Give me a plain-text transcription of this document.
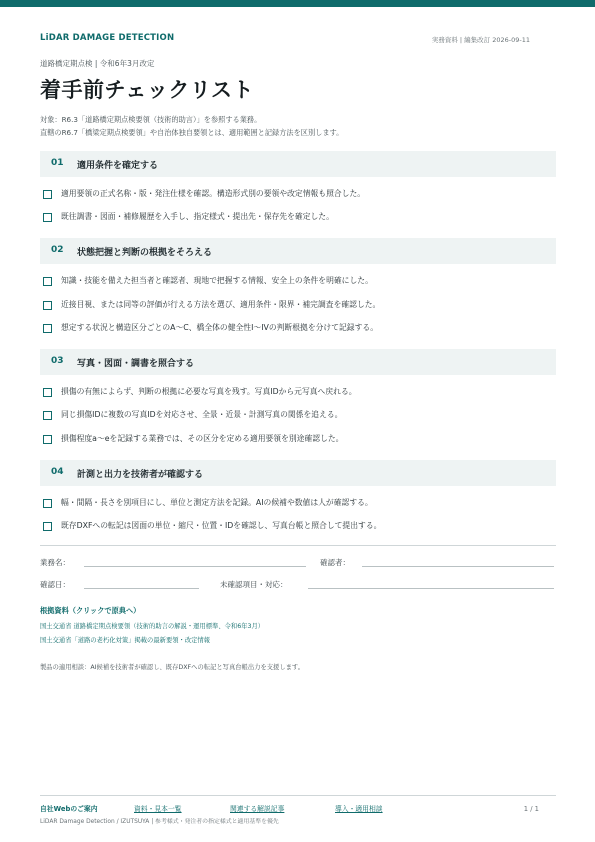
LiDAR DAMAGE DETECTION	実務資料 | 編集改訂 2026-09-11
道路橋定期点検 | 令和6年3月改定
着手前チェックリスト
対象：R6.3「道路橋定期点検要領（技術的助言）」を参照する業務。
直轄のR6.7「橋梁定期点検要領」や自治体独自要領とは、適用範囲と記録方法を区別します。
01 適用条件を確定する
適用要領の正式名称・版・発注仕様を確認。構造形式別の要領や改定情報も照合した。
既往調書・図面・補修履歴を入手し、指定様式・提出先・保存先を確定した。
02 状態把握と判断の根拠をそろえる
知識・技能を備えた担当者と確認者、現地で把握する情報、安全上の条件を明確にした。
近接目視、または同等の評価が行える方法を選び、適用条件・限界・補完調査を確認した。
想定する状況と構造区分ごとのA〜C、橋全体の健全性I〜IVの判断根拠を分けて記録する。
03 写真・図面・調書を照合する
損傷の有無によらず、判断の根拠に必要な写真を残す。写真IDから元写真へ戻れる。
同じ損傷IDに複数の写真IDを対応させ、全景・近景・計測写真の関係を追える。
損傷程度a〜eを記録する業務では、その区分を定める適用要領を別途確認した。
04 計測と出力を技術者が確認する
幅・間隔・長さを別項目にし、単位と測定方法を記録。AIの候補や数値は人が確認する。
既存DXFへの転記は図面の単位・縮尺・位置・IDを確認し、写真台帳と照合して提出する。
業務名：	確認者：
確認日：	未確認項目・対応：
根拠資料（クリックで原典へ）
国土交通省 道路橋定期点検要領（技術的助言の解説・運用標準、令和6年3月）
国土交通省「道路の老朽化対策」掲載の最新要領・改定情報
製品の適用相談：AI候補を技術者が確認し、既存DXFへの転記と写真台帳出力を支援します。
自社Webのご案内	資料・見本一覧	関連する解説記事	導入・適用相談	1 / 1
LiDAR Damage Detection / IZUTSUYA | 参考様式・発注者の指定様式と適用基準を優先
